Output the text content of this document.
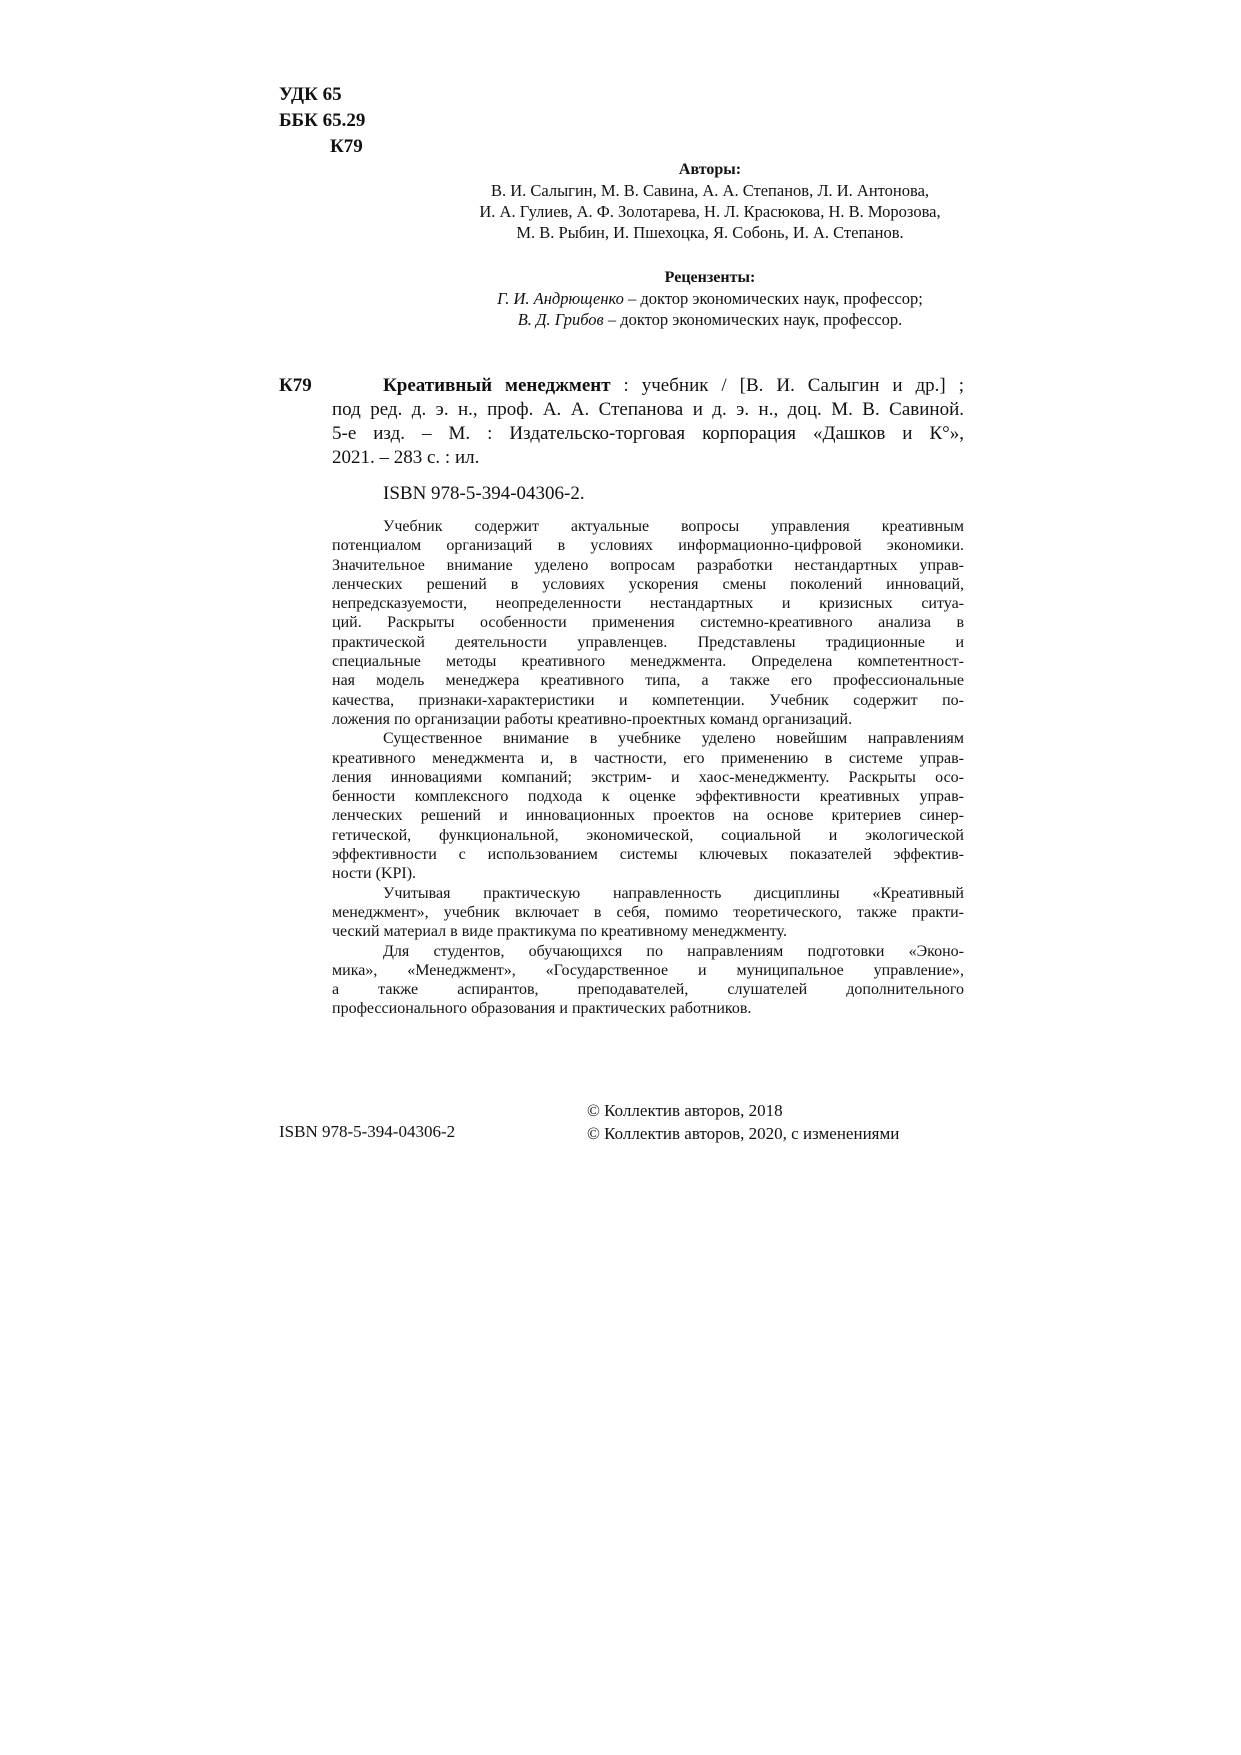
УДК 65
ББК 65.29
К79
Авторы:
В. И. Салыгин, М. В. Савина, А. А. Степанов, Л. И. Антонова,
И. А. Гулиев, А. Ф. Золотарева, Н. Л. Красюкова, Н. В. Морозова,
М. В. Рыбин, И. Пшехоцка, Я. Собонь, И. А. Степанов.
Рецензенты:
Г. И. Андрющенко – доктор экономических наук, профессор;
В. Д. Грибов – доктор экономических наук, профессор.
К79	Креативный менеджмент : учебник / [В. И. Салыгин и др.] ;
под ред. д. э. н., проф. А. А. Степанова и д. э. н., доц. М. В. Савиной.
5-е изд. – М. : Издательско-торговая корпорация «Дашков и К°»,
2021. – 283 с. : ил.
ISBN 978-5-394-04306-2.
Учебник содержит актуальные вопросы управления креативным
потенциалом организаций в условиях информационно-цифровой экономики.
Значительное внимание уделено вопросам разработки нестандартных управ-
ленческих решений в условиях ускорения смены поколений инноваций,
непредсказуемости, неопределенности нестандартных и кризисных ситуа-
ций. Раскрыты особенности применения системно-креативного анализа в
практической деятельности управленцев. Представлены традиционные и
специальные методы креативного менеджмента. Определена компетентност-
ная модель менеджера креативного типа, а также его профессиональные
качества, признаки-характеристики и компетенции. Учебник содержит по-
ложения по организации работы креативно-проектных команд организаций.
Существенное внимание в учебнике уделено новейшим направлениям
креативного менеджмента и, в частности, его применению в системе управ-
ления инновациями компаний; экстрим- и хаос-менеджменту. Раскрыты осо-
бенности комплексного подхода к оценке эффективности креативных управ-
ленческих решений и инновационных проектов на основе критериев синер-
гетической, функциональной, экономической, социальной и экологической
эффективности с использованием системы ключевых показателей эффектив-
ности (KPI).
Учитывая практическую направленность дисциплины «Креативный
менеджмент», учебник включает в себя, помимо теоретического, также практи-
ческий материал в виде практикума по креативному менеджменту.
Для студентов, обучающихся по направлениям подготовки «Эконо-
мика», «Менеджмент», «Государственное и муниципальное управление»,
а также аспирантов, преподавателей, слушателей дополнительного
профессионального образования и практических работников.
ISBN 978-5-394-04306-2
© Коллектив авторов, 2018
© Коллектив авторов, 2020, с изменениями
